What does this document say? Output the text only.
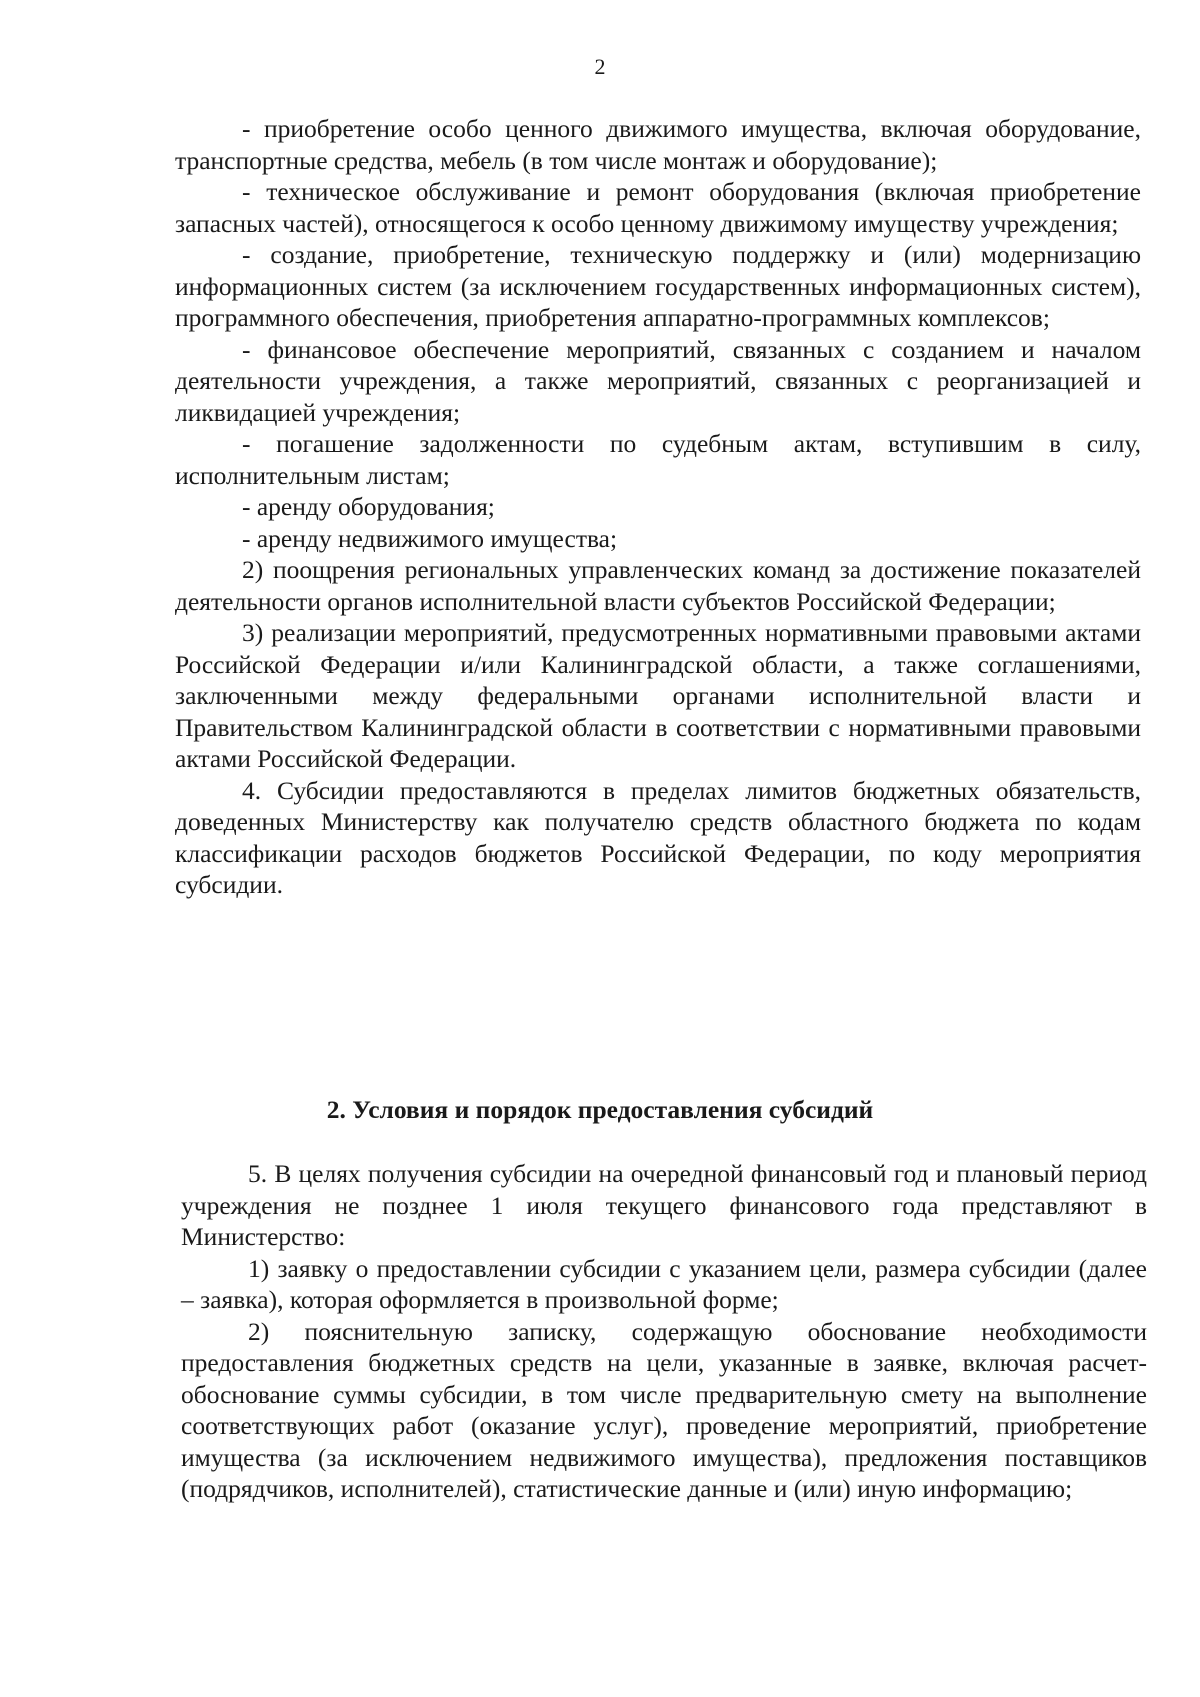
2

- приобретение особо ценного движимого имущества, включая оборудование, транспортные средства, мебель (в том числе монтаж и оборудование);

- техническое обслуживание и ремонт оборудования (включая приобретение запасных частей), относящегося к особо ценному движимому имуществу учреждения;

- создание, приобретение, техническую поддержку и (или) модернизацию информационных систем (за исключением государственных информационных систем), программного обеспечения, приобретения аппаратно-программных комплексов;

- финансовое обеспечение мероприятий, связанных с созданием и началом деятельности учреждения, а также мероприятий, связанных с реорганизацией и ликвидацией учреждения;

- погашение задолженности по судебным актам, вступившим в силу, исполнительным листам;

- аренду оборудования;

- аренду недвижимого имущества;

2) поощрения региональных управленческих команд за достижение показателей деятельности органов исполнительной власти субъектов Российской Федерации;

3) реализации мероприятий, предусмотренных нормативными правовыми актами Российской Федерации и/или Калининградской области, а также соглашениями, заключенными между федеральными органами исполнительной власти и Правительством Калининградской области в соответствии с нормативными правовыми актами Российской Федерации.

4. Субсидии предоставляются в пределах лимитов бюджетных обязательств, доведенных Министерству как получателю средств областного бюджета по кодам классификации расходов бюджетов Российской Федерации, по коду мероприятия субсидии.

2. Условия и порядок предоставления субсидий

5. В целях получения субсидии на очередной финансовый год и плановый период учреждения не позднее 1 июля текущего финансового года представляют в Министерство:

1) заявку о предоставлении субсидии с указанием цели, размера субсидии (далее – заявка), которая оформляется в произвольной форме;

2) пояснительную записку, содержащую обоснование необходимости предоставления бюджетных средств на цели, указанные в заявке, включая расчет-обоснование суммы субсидии, в том числе предварительную смету на выполнение соответствующих работ (оказание услуг), проведение мероприятий, приобретение имущества (за исключением недвижимого имущества), предложения поставщиков (подрядчиков, исполнителей), статистические данные и (или) иную информацию;
